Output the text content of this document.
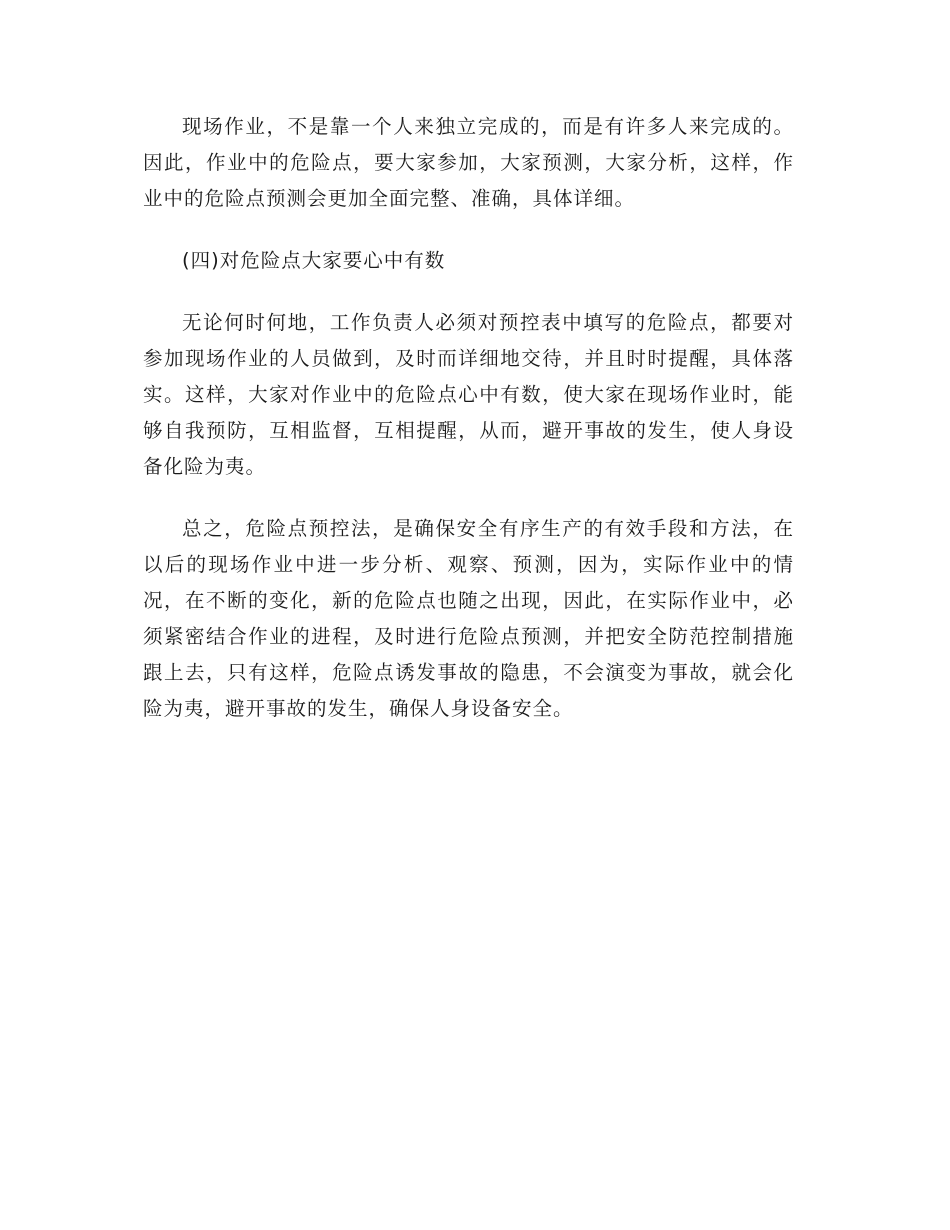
现场作业，不是靠一个人来独立完成的，而是有许多人来完成的。因此，作业中的危险点，要大家参加，大家预测，大家分析，这样，作业中的危险点预测会更加全面完整、准确，具体详细。

(四)对危险点大家要心中有数

无论何时何地，工作负责人必须对预控表中填写的危险点，都要对参加现场作业的人员做到，及时而详细地交待，并且时时提醒，具体落实。这样，大家对作业中的危险点心中有数，使大家在现场作业时，能够自我预防，互相监督，互相提醒，从而，避开事故的发生，使人身设备化险为夷。

总之，危险点预控法，是确保安全有序生产的有效手段和方法，在以后的现场作业中进一步分析、观察、预测，因为，实际作业中的情况，在不断的变化，新的危险点也随之出现，因此，在实际作业中，必须紧密结合作业的进程，及时进行危险点预测，并把安全防范控制措施跟上去，只有这样，危险点诱发事故的隐患，不会演变为事故，就会化险为夷，避开事故的发生，确保人身设备安全。
